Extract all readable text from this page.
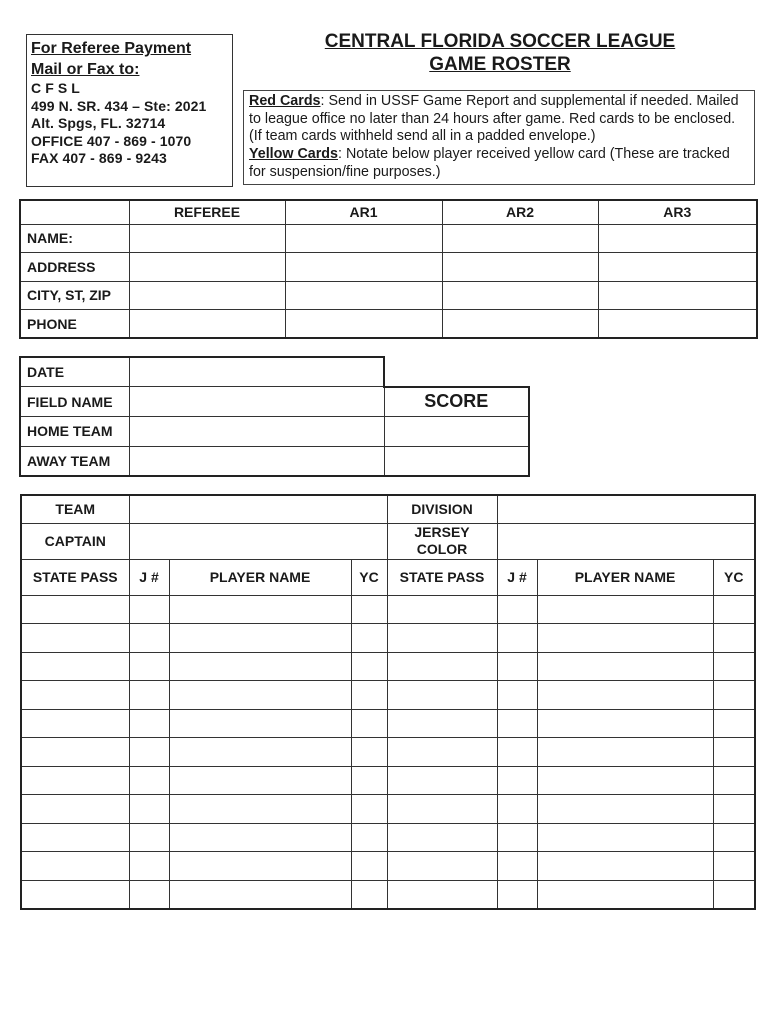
For Referee Payment
Mail or Fax to:
C F S L
499 N. SR. 434 – Ste: 2021
Alt. Spgs, FL. 32714
OFFICE 407 - 869 - 1070
FAX 407 - 869 - 9243
CENTRAL FLORIDA SOCCER LEAGUE
GAME ROSTER
Red Cards: Send in USSF Game Report and supplemental if needed. Mailed to league office no later than 24 hours after game. Red cards to be enclosed. (If team cards withheld send all in a padded envelope.)
Yellow Cards: Notate below player received yellow card (These are tracked for suspension/fine purposes.)
	REFEREE	AR1	AR2	AR3
NAME:				
ADDRESS				
CITY, ST, ZIP				
PHONE				
DATE		
FIELD NAME		SCORE
HOME TEAM		
AWAY TEAM		
TEAM				DIVISION			
CAPTAIN				JERSEY COLOR			
STATE PASS	J #	PLAYER NAME	YC	STATE PASS	J #	PLAYER NAME	YC
